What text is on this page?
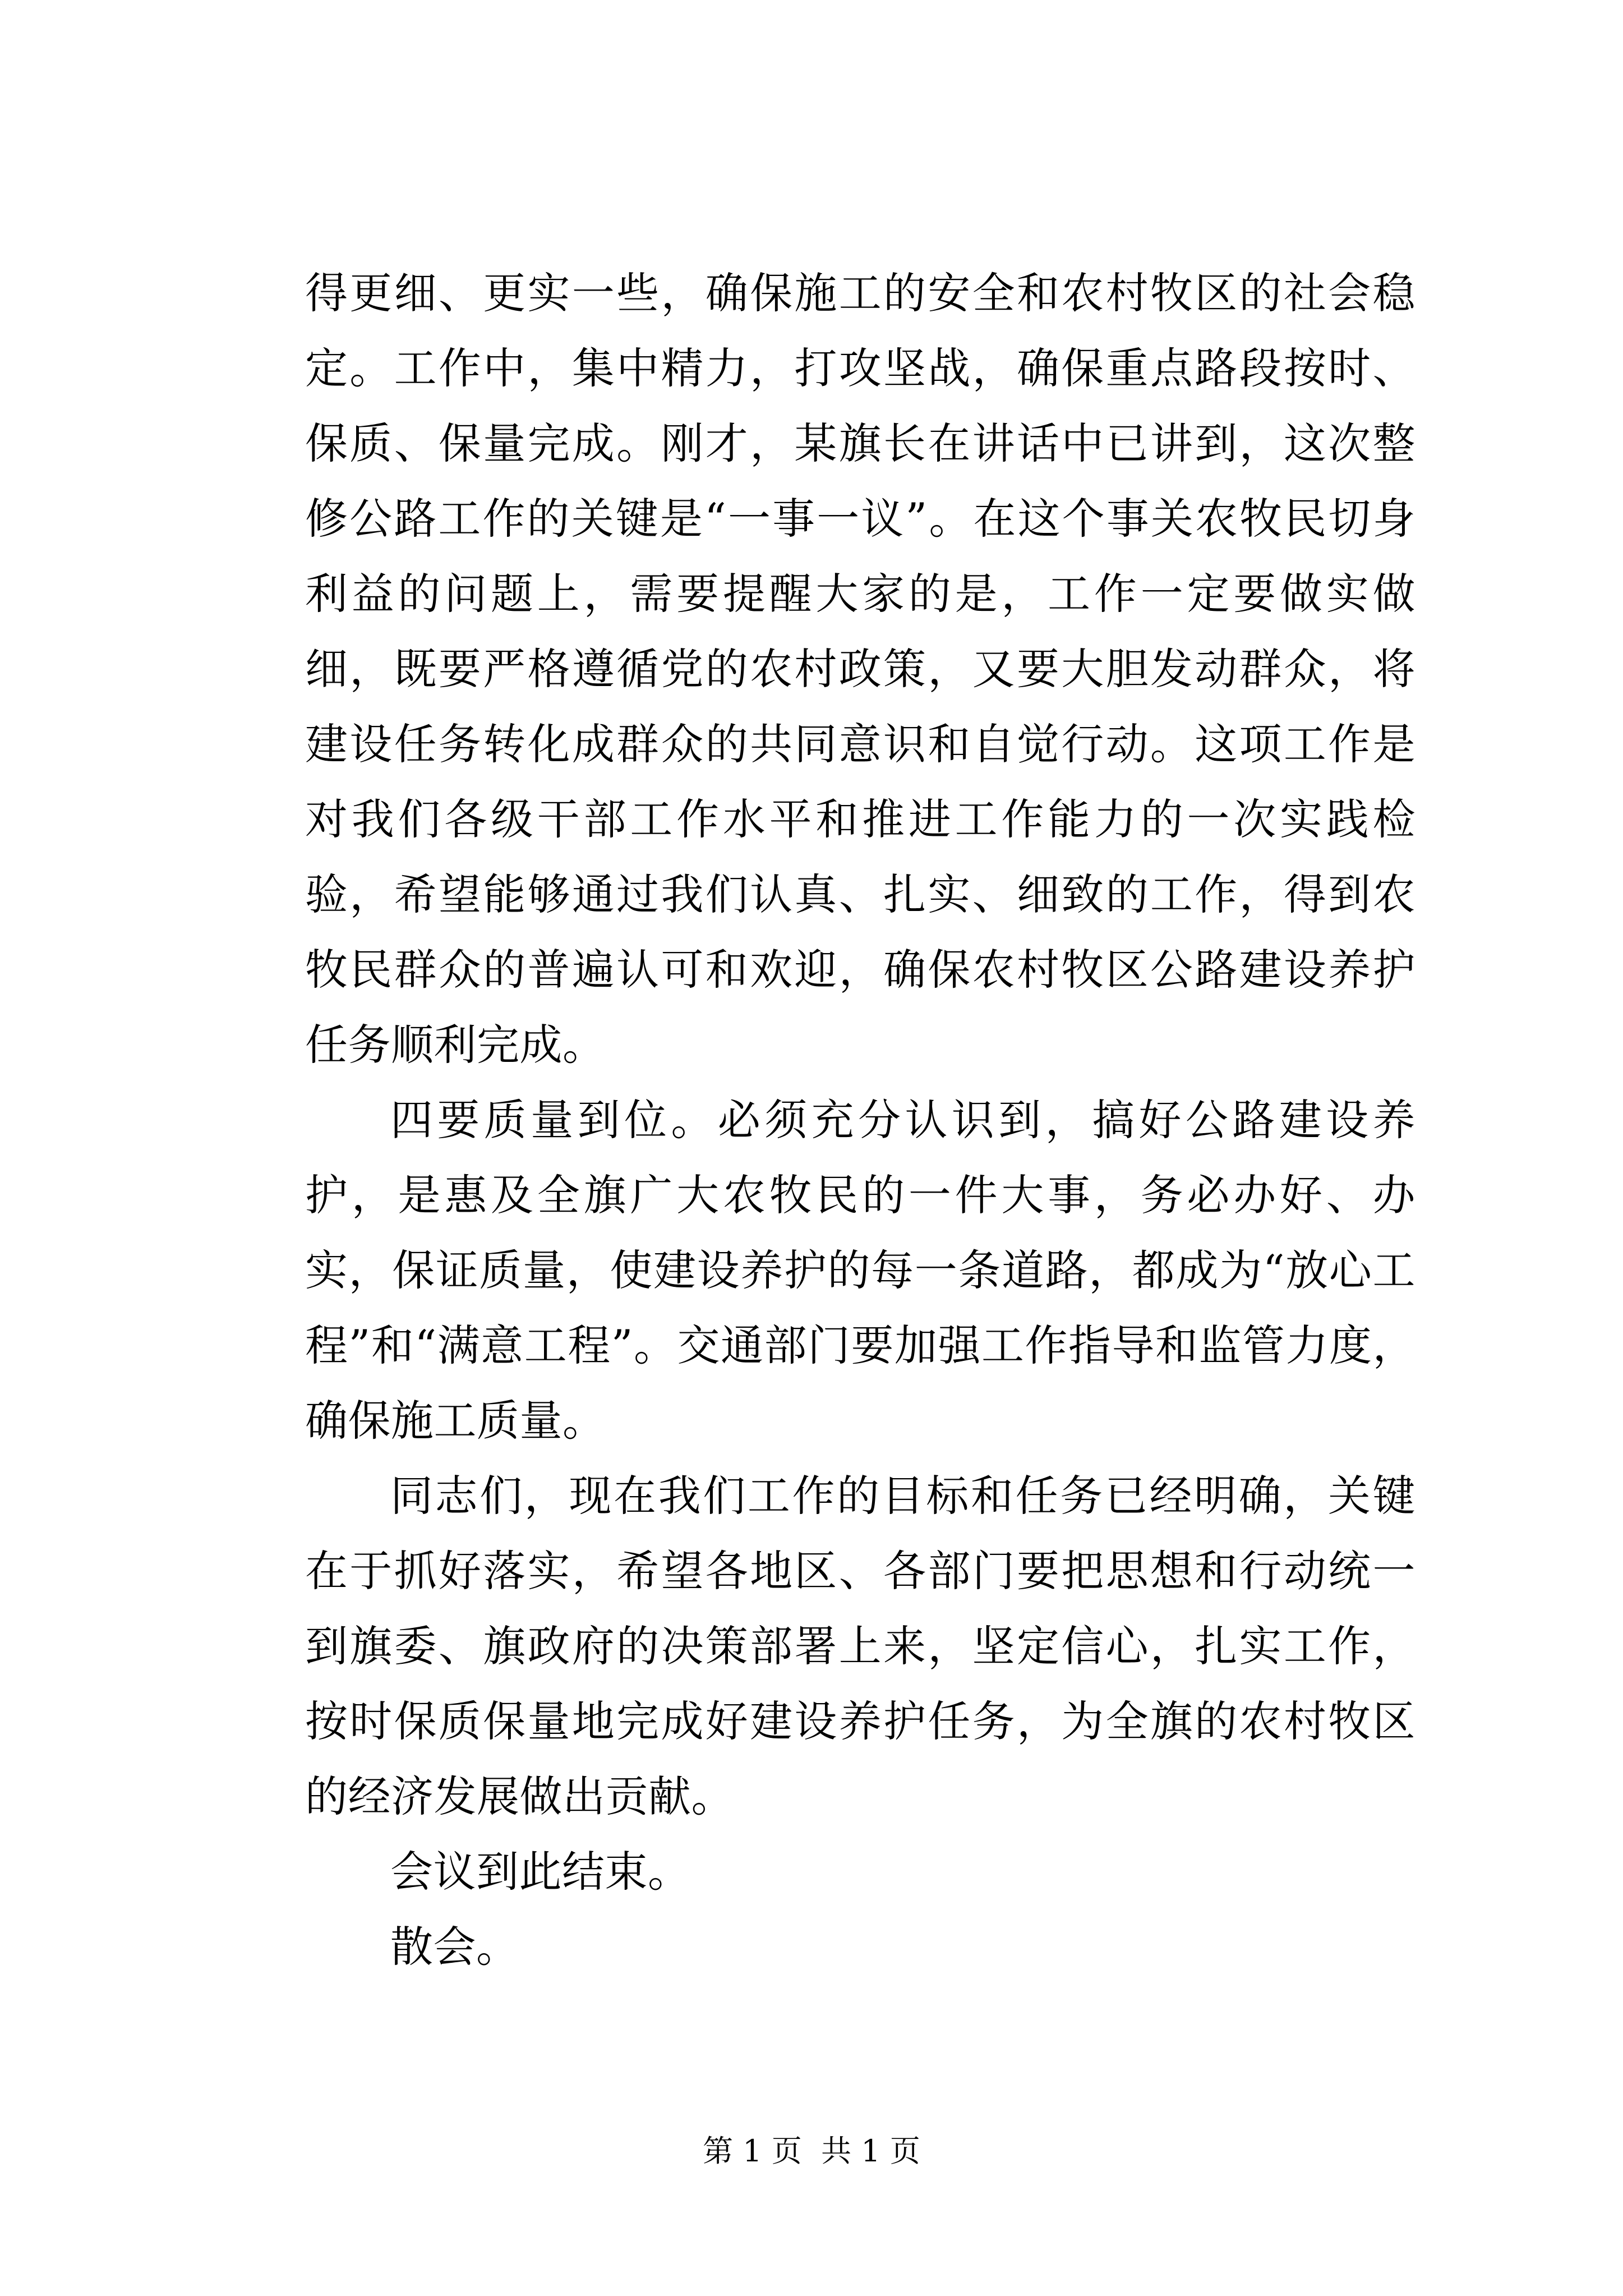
得更细、更实一些，确保施工的安全和农村牧区的社会稳定。工作中，集中精力，打攻坚战，确保重点路段按时、保质、保量完成。刚才，某旗长在讲话中已讲到，这次整修公路工作的关键是“一事一议”。在这个事关农牧民切身利益的问题上，需要提醒大家的是，工作一定要做实做细，既要严格遵循党的农村政策，又要大胆发动群众，将建设任务转化成群众的共同意识和自觉行动。这项工作是对我们各级干部工作水平和推进工作能力的一次实践检验，希望能够通过我们认真、扎实、细致的工作，得到农牧民群众的普遍认可和欢迎，确保农村牧区公路建设养护任务顺利完成。

四要质量到位。必须充分认识到，搞好公路建设养护，是惠及全旗广大农牧民的一件大事，务必办好、办实，保证质量，使建设养护的每一条道路，都成为“放心工程”和“满意工程”。交通部门要加强工作指导和监管力度，确保施工质量。

同志们，现在我们工作的目标和任务已经明确，关键在于抓好落实，希望各地区、各部门要把思想和行动统一到旗委、旗政府的决策部署上来，坚定信心，扎实工作，按时保质保量地完成好建设养护任务，为全旗的农村牧区的经济发展做出贡献。

会议到此结束。

散会。

第 1 页  共 1 页
